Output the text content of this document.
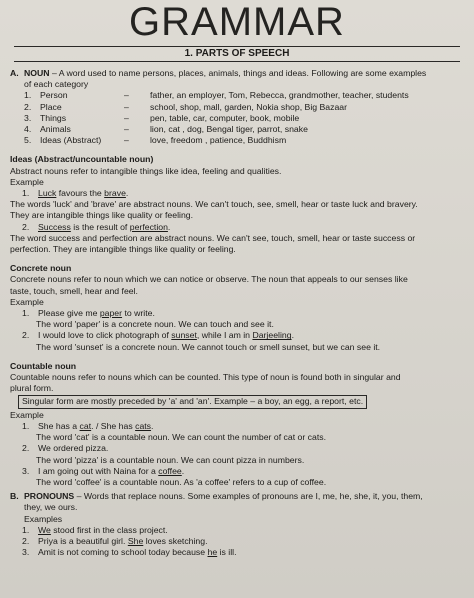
GRAMMAR
1. PARTS OF SPEECH
A. NOUN – A word used to name persons, places, animals, things and ideas. Following are some examples

of each category

1.	Person	–	father, an employer, Tom, Rebecca, grandmother, teacher, students
2.	Place	–	school, shop, mall, garden, Nokia shop, Big Bazaar
3.	Things	–	pen, table, car, computer, book, mobile
4.	Animals	–	lion, cat , dog, Bengal tiger, parrot, snake
5.	Ideas (Abstract)	–	love, freedom , patience, Buddhism

Ideas (Abstract/uncountable noun)

Abstract nouns refer to intangible things like idea, feeling and qualities.

Example

1.	Luck favours the brave.

The words 'luck' and 'brave' are abstract nouns. We can't touch, see, smell, hear or taste luck and bravery.

They are intangible things like quality or feeling.

2.	Success is the result of perfection.

The word success and perfection are abstract nouns. We can't see, touch, smell, hear or taste success or

perfection. They are intangible things like quality or feeling.

Concrete noun

Concrete nouns refer to noun which we can notice or observe. The noun that appeals to our senses like

taste, touch, smell, hear and feel.

Example

1.	Please give me paper to write.

The word 'paper' is a concrete noun. We can touch and see it.

2.	I would love to click photograph of sunset, while I am in Darjeeling.

The word 'sunset' is a concrete noun. We cannot touch or smell sunset, but we can see it.

Countable noun

Countable nouns refer to nouns which can be counted. This type of noun is found both in singular and

plural form.

Singular form are mostly preceded by 'a' and 'an'. Example – a boy, an egg, a report, etc.

Example

1.	She has a cat. / She has cats.

The word 'cat' is a countable noun. We can count the number of cat or cats.

2.	We ordered pizza.

The word 'pizza' is a countable noun. We can count pizza in numbers.

3.	I am going out with Naina for a coffee.

The word 'coffee' is a countable noun. As 'a coffee' refers to a cup of coffee.

B. PRONOUNS – Words that replace nouns. Some examples of pronouns are I, me, he, she, it, you, them,

they, we ours.

Examples

1.	We stood first in the class project.
2.	Priya is a beautiful girl. She loves sketching.
3.	Amit is not coming to school today because he is ill.
